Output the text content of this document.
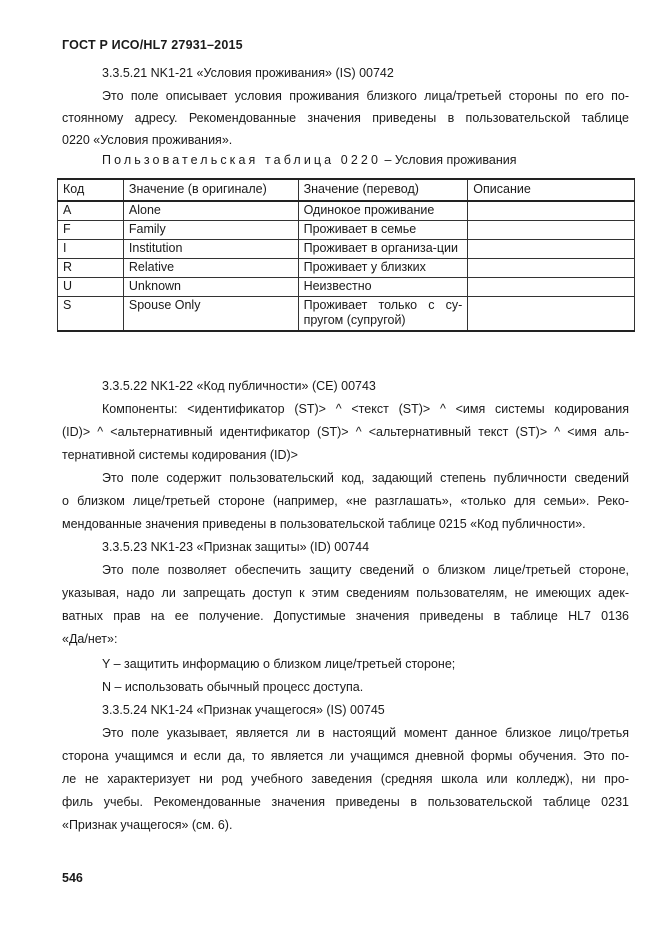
ГОСТ Р ИСО/HL7 27931–2015
3.3.5.21 NK1-21 «Условия проживания» (IS) 00742
Это поле описывает условия проживания близкого лица/третьей стороны по его по-
стоянному адресу. Рекомендованные значения приведены в пользовательской таблице
0220 «Условия проживания».
Пользовательская таблица 0220 – Условия проживания
Код	Значение (в оригинале)	Значение (перевод)	Описание
A	Alone	Одинокое проживание	
F	Family	Проживает в семье	
I	Institution	Проживает в организа-ции	
R	Relative	Проживает у близких	
U	Unknown	Неизвестно	
S	Spouse Only	Проживает только с су-пругом (супругой)	
3.3.5.22 NK1-22 «Код публичности» (CE) 00743
Компоненты: <идентификатор (ST)> ^ <текст (ST)> ^ <имя системы кодирования
(ID)> ^ <альтернативный идентификатор (ST)> ^ <альтернативный текст (ST)> ^ <имя аль-
тернативной системы кодирования (ID)>
Это поле содержит пользовательский код, задающий степень публичности сведений
о близком лице/третьей стороне (например, «не разглашать», «только для семьи». Реко-
мендованные значения приведены в пользовательской таблице 0215 «Код публичности».
3.3.5.23 NK1-23 «Признак защиты» (ID) 00744
Это поле позволяет обеспечить защиту сведений о близком лице/третьей стороне,
указывая, надо ли запрещать доступ к этим сведениям пользователям, не имеющих адек-
ватных прав на ее получение. Допустимые значения приведены в таблице HL7 0136
«Да/нет»:
Y – защитить информацию о близком лице/третьей стороне;
N – использовать обычный процесс доступа.
3.3.5.24 NK1-24 «Признак учащегося» (IS) 00745
Это поле указывает, является ли в настоящий момент данное близкое лицо/третья
сторона учащимся и если да, то является ли учащимся дневной формы обучения. Это по-
ле не характеризует ни род учебного заведения (средняя школа или колледж), ни про-
филь учебы. Рекомендованные значения приведены в пользовательской таблице 0231
«Признак учащегося» (см. 6).
546
